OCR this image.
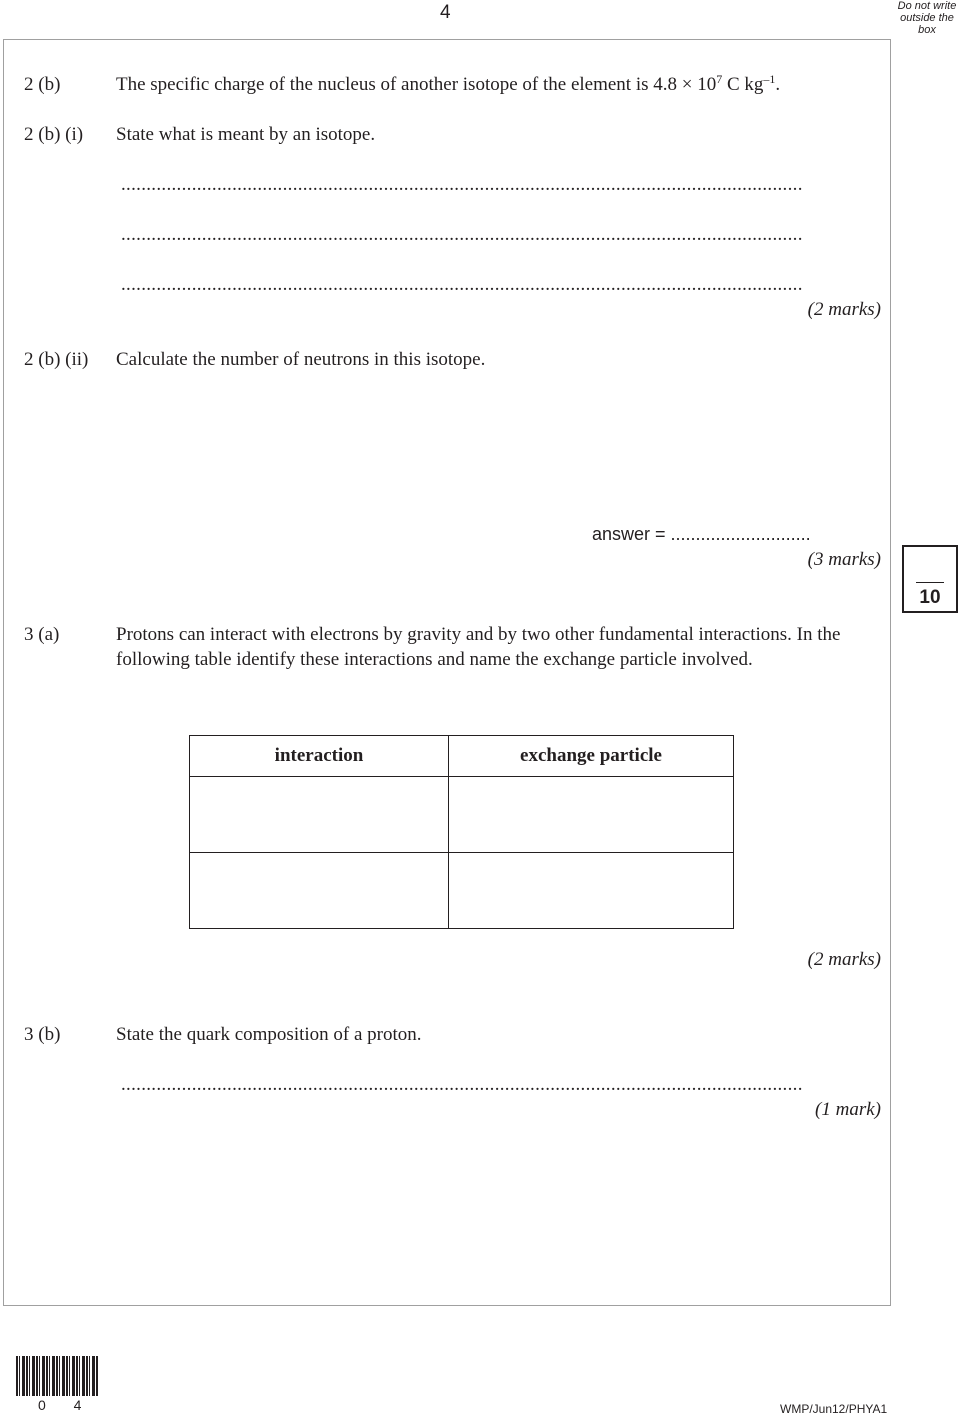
4	Do not write
outside the
box
2 (b)	The specific charge of the nucleus of another isotope of the element is $4.8 \times 10^7$ C $kg^{-1}$.
2 (b) (i) State what is meant by an isotope.
.......................................................................................................................................
.......................................................................................................................................
.......................................................................................................................................
(2 marks)
2 (b) (ii) Calculate the number of neutrons in this isotope.
answer = ............................
(3 marks)
10
3 (a)	Protons can interact with electrons by gravity and by two other fundamental interactions. In the following table identify these interactions and name the exchange particle involved.
interaction	exchange particle

(2 marks)
3 (b)	State the quark composition of a proton.
.......................................................................................................................................
(1 mark)
0 4	WMP/Jun12/PHYA1
